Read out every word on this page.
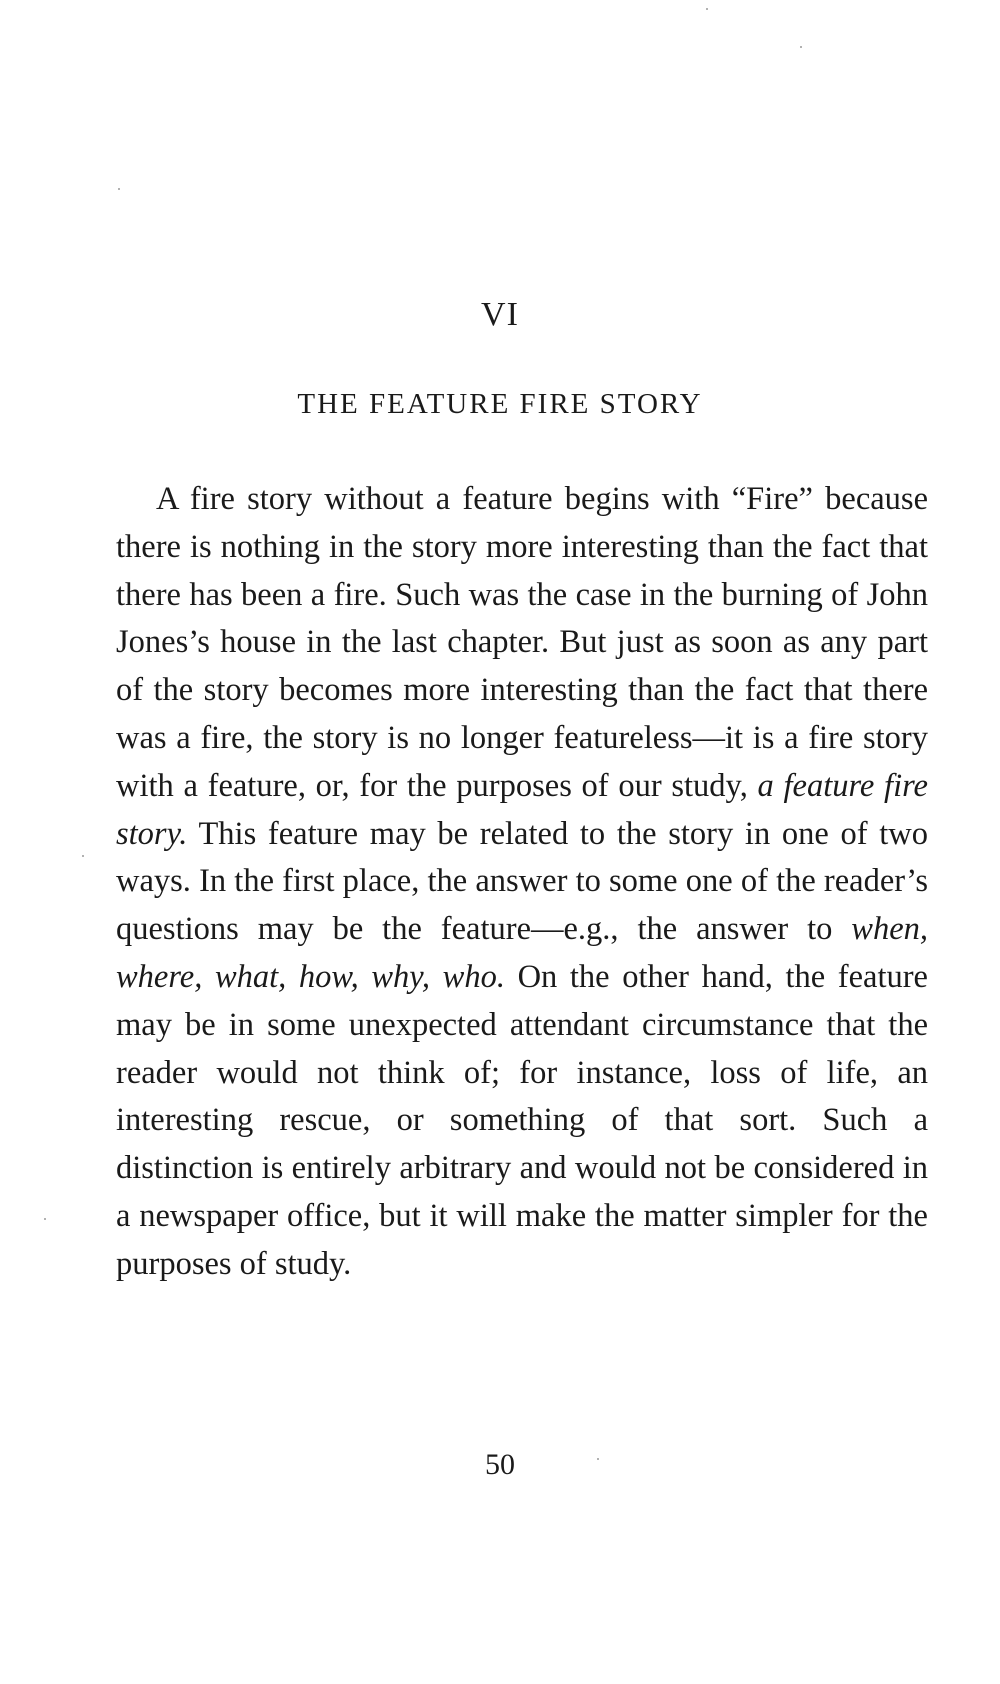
VI
THE FEATURE FIRE STORY

A fire story without a feature begins with “Fire” because there is nothing in the story more interesting than the fact that there has been a fire. Such was the case in the burning of John Jones’s house in the last chapter. But just as soon as any part of the story becomes more interesting than the fact that there was a fire, the story is no longer featureless—it is a fire story with a feature, or, for the purposes of our study, a feature fire story. This feature may be related to the story in one of two ways. In the first place, the answer to some one of the reader’s questions may be the feature—e.g., the answer to when, where, what, how, why, who. On the other hand, the feature may be in some unexpected attendant circumstance that the reader would not think of; for instance, loss of life, an interesting rescue, or something of that sort. Such a distinction is entirely arbitrary and would not be considered in a newspaper office, but it will make the matter simpler for the purposes of study.

50
